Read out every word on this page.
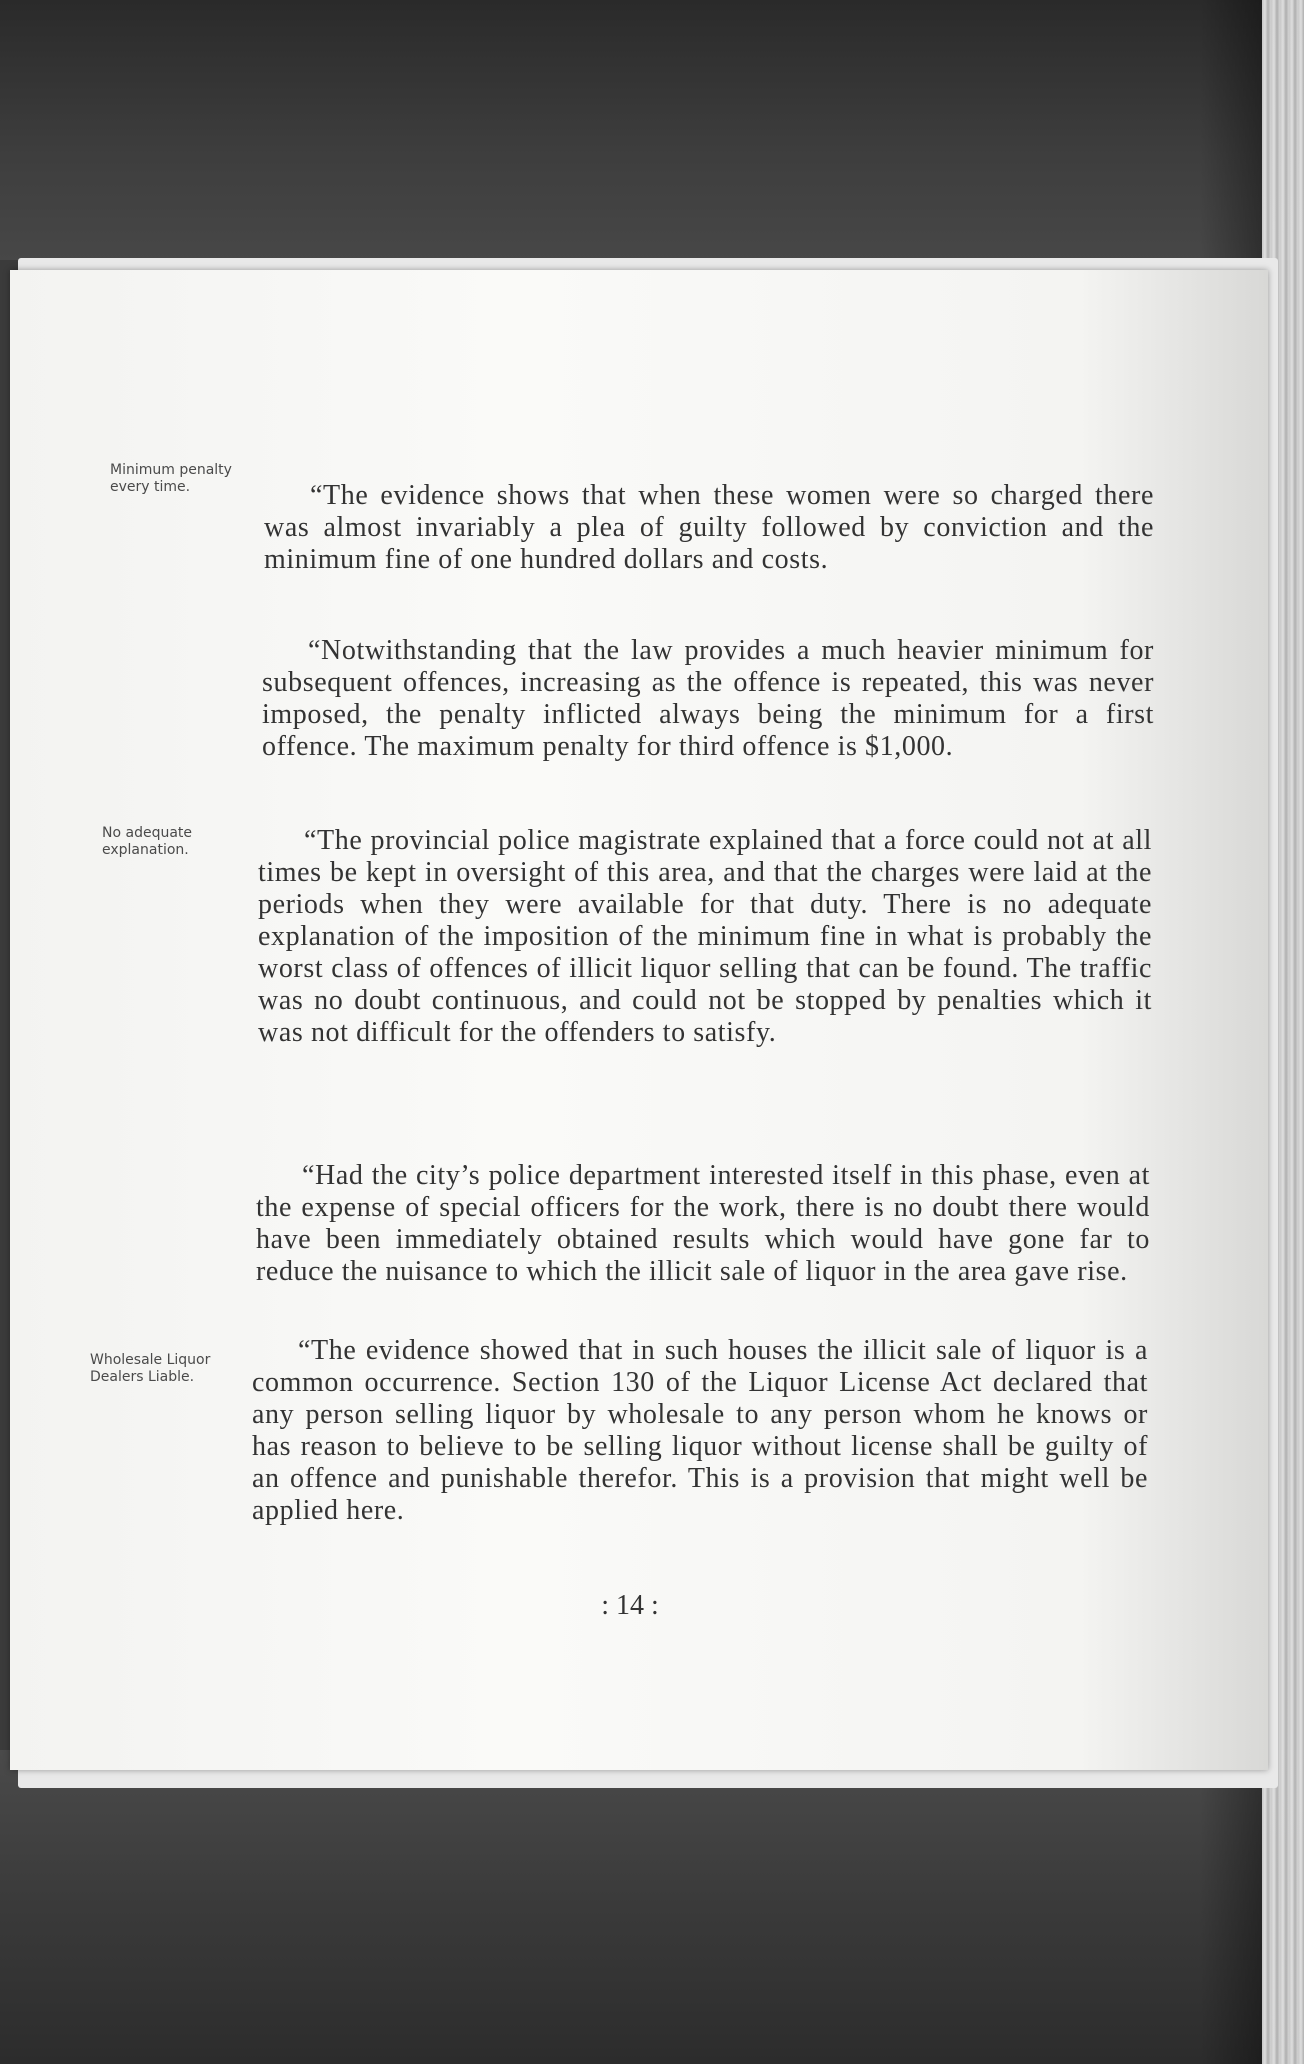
Minimum penalty every time.	“The evidence shows that when these women were so charged there was almost invariably a plea of guilty followed by conviction and the minimum fine of one hundred dollars and costs.

“Notwithstanding that the law provides a much heavier minimum for subsequent offences, increasing as the offence is repeated, this was never imposed, the penalty inflicted always being the minimum for a first offence. The maximum penalty for third offence is $1,000.

No adequate explanation.	“The provincial police magistrate explained that a force could not at all times be kept in oversight of this area, and that the charges were laid at the periods when they were available for that duty. There is no adequate explanation of the imposition of the minimum fine in what is probably the worst class of offences of illicit liquor selling that can be found. The traffic was no doubt continuous, and could not be stopped by penalties which it was not difficult for the offenders to satisfy.

“Had the city’s police department interested itself in this phase, even at the expense of special officers for the work, there is no doubt there would have been immediately obtained results which would have gone far to reduce the nuisance to which the illicit sale of liquor in the area gave rise.

Wholesale Liquor Dealers Liable.

“The evidence showed that in such houses the illicit sale of liquor is a common occurrence. Section 130 of the Liquor License Act declared that any person selling liquor by wholesale to any person whom he knows or has reason to believe to be selling liquor without license shall be guilty of an offence and punishable therefor. This is a provision that might well be applied here.

: 14 :
